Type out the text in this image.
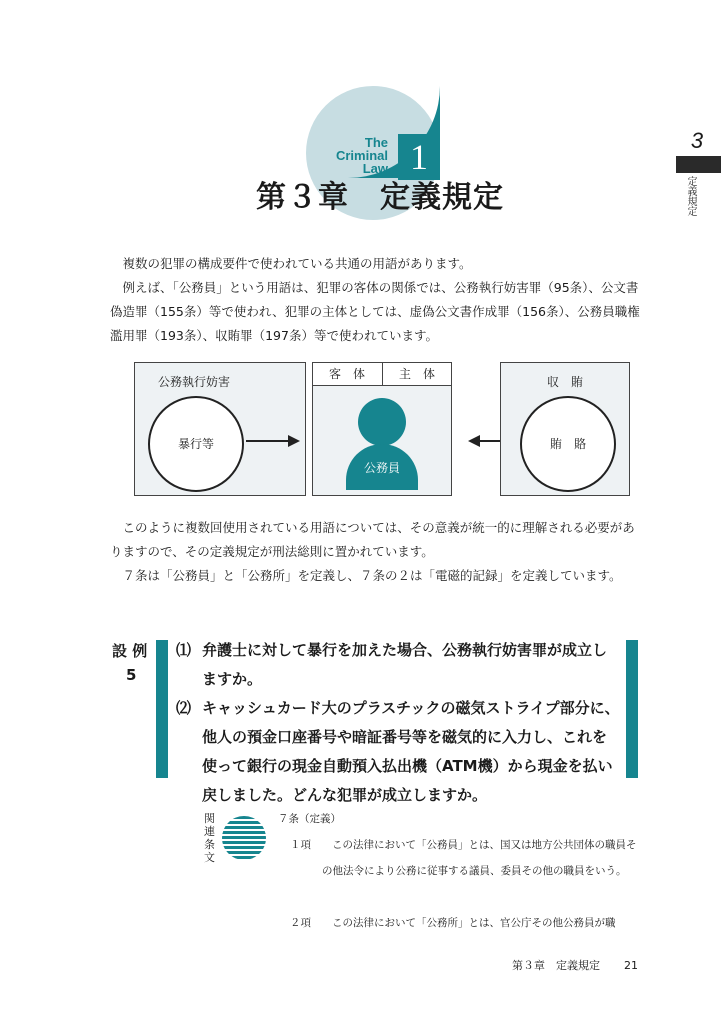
The
Criminal
Law 1
第３章　定義規定
3
定義規定

　複数の犯罪の構成要件で使われている共通の用語があります。

　例えば、「公務員」という用語は、犯罪の客体の関係では、公務執行妨害罪（95条）、公文書偽造罪（155条）等で使われ、犯罪の主体としては、虚偽公文書作成罪（156条）、公務員職権濫用罪（193条）、収賄罪（197条）等で使われています。

公務執行妨害
暴行等
客　体	主　体
公務員
収　賄
賄　賂

　このように複数回使用されている用語については、その意義が統一的に理解される必要がありますので、その定義規定が刑法総則に置かれています。

　７条は「公務員」と「公務所」を定義し、７条の２は「電磁的記録」を定義しています。

設 例
5
⑴ 弁護士に対して暴行を加えた場合、公務執行妨害罪が成立しますか。
⑵ キャッシュカード大のプラスチックの磁気ストライプ部分に、他人の預金口座番号や暗証番号等を磁気的に入力し、これを使って銀行の現金自動預入払出機（ATM機）から現金を払い戻しました。どんな犯罪が成立しますか。
関連条文
７条（定義）
１項	この法律において「公務員」とは、国又は地方公共団体の職員その他法令により公務に従事する議員、委員その他の職員をいう。
２項	この法律において「公務所」とは、官公庁その他公務員が職
第３章　定義規定 21
